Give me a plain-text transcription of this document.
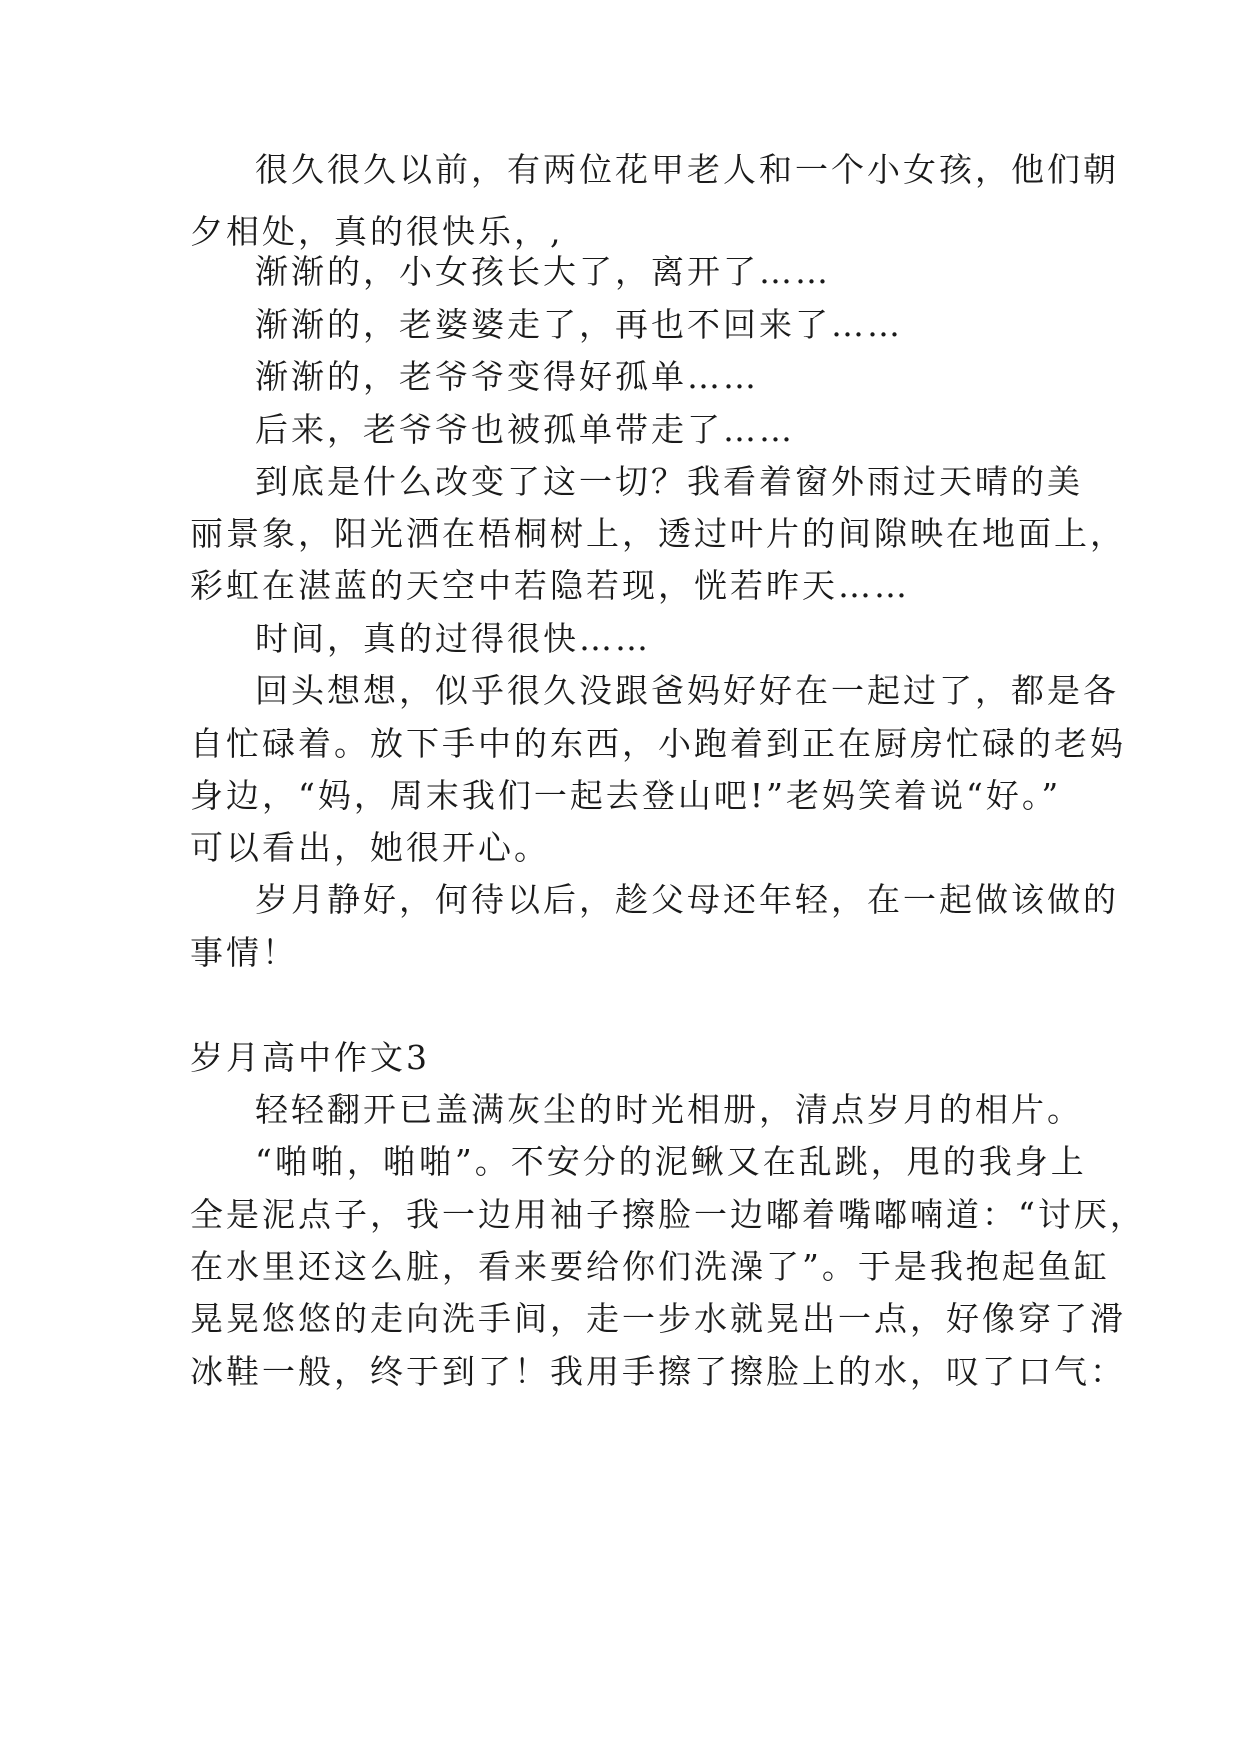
很久很久以前，有两位花甲老人和一个小女孩，他们朝
夕相处，真的很快乐，,
渐渐的，小女孩长大了，离开了……
渐渐的，老婆婆走了，再也不回来了……
渐渐的，老爷爷变得好孤单……
后来，老爷爷也被孤单带走了……
到底是什么改变了这一切？我看着窗外雨过天晴的美
丽景象，阳光洒在梧桐树上，透过叶片的间隙映在地面上，
彩虹在湛蓝的天空中若隐若现，恍若昨天……
时间，真的过得很快……
回头想想，似乎很久没跟爸妈好好在一起过了，都是各
自忙碌着。放下手中的东西，小跑着到正在厨房忙碌的老妈
身边，“妈，周末我们一起去登山吧!”老妈笑着说“好。”
可以看出，她很开心。
岁月静好，何待以后，趁父母还年轻，在一起做该做的
事情！
岁月高中作文3
轻轻翻开已盖满灰尘的时光相册，清点岁月的相片。
“啪啪，啪啪”。不安分的泥鳅又在乱跳，甩的我身上
全是泥点子，我一边用袖子擦脸一边嘟着嘴嘟喃道：“讨厌，
在水里还这么脏，看来要给你们洗澡了”。于是我抱起鱼缸
晃晃悠悠的走向洗手间，走一步水就晃出一点，好像穿了滑
冰鞋一般，终于到了！我用手擦了擦脸上的水，叹了口气：
